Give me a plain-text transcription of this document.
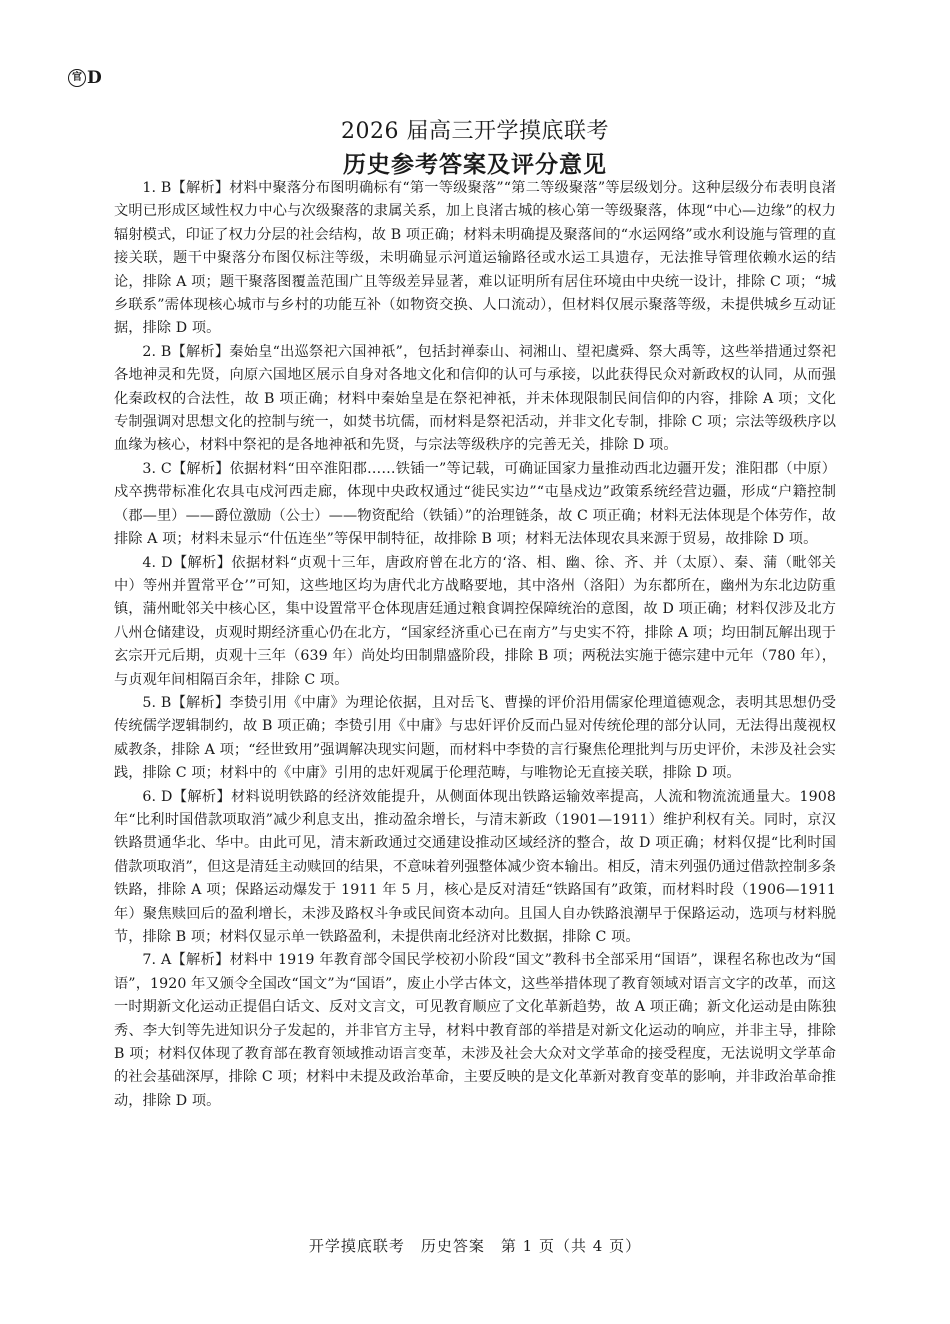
官 D
2026 届高三开学摸底联考
历史参考答案及评分意见

1. B【解析】材料中聚落分布图明确标有“第一等级聚落”“第二等级聚落”等层级划分。这种层级分布表明良渚文明已形成区域性权力中心与次级聚落的隶属关系，加上良渚古城的核心第一等级聚落，体现“中心—边缘”的权力辐射模式，印证了权力分层的社会结构，故 B 项正确；材料未明确提及聚落间的“水运网络”或水利设施与管理的直接关联，题干中聚落分布图仅标注等级，未明确显示河道运输路径或水运工具遗存，无法推导管理依赖水运的结论，排除 A 项；题干聚落图覆盖范围广且等级差异显著，难以证明所有居住环境由中央统一设计，排除 C 项；“城乡联系”需体现核心城市与乡村的功能互补（如物资交换、人口流动），但材料仅展示聚落等级，未提供城乡互动证据，排除 D 项。

2. B【解析】秦始皇“出巡祭祀六国神祇”，包括封禅泰山、祠湘山、望祀虞舜、祭大禹等，这些举措通过祭祀各地神灵和先贤，向原六国地区展示自身对各地文化和信仰的认可与承接，以此获得民众对新政权的认同，从而强化秦政权的合法性，故 B 项正确；材料中秦始皇是在祭祀神祇，并未体现限制民间信仰的内容，排除 A 项；文化专制强调对思想文化的控制与统一，如焚书坑儒，而材料是祭祀活动，并非文化专制，排除 C 项；宗法等级秩序以血缘为核心，材料中祭祀的是各地神祇和先贤，与宗法等级秩序的完善无关，排除 D 项。

3. C【解析】依据材料“田卒淮阳郡……铁锸一”等记载，可确证国家力量推动西北边疆开发；淮阳郡（中原）戍卒携带标准化农具屯戍河西走廊，体现中央政权通过“徙民实边”“屯垦戍边”政策系统经营边疆，形成“户籍控制（郡—里）——爵位激励（公士）——物资配给（铁锸）”的治理链条，故 C 项正确；材料无法体现是个体劳作，故排除 A 项；材料未显示“什伍连坐”等保甲制特征，故排除 B 项；材料无法体现农具来源于贸易，故排除 D 项。

4. D【解析】依据材料“贞观十三年，唐政府曾在北方的‘洛、相、幽、徐、齐、并（太原）、秦、蒲（毗邻关中）等州并置常平仓’”可知，这些地区均为唐代北方战略要地，其中洛州（洛阳）为东都所在，幽州为东北边防重镇，蒲州毗邻关中核心区，集中设置常平仓体现唐廷通过粮食调控保障统治的意图，故 D 项正确；材料仅涉及北方八州仓储建设，贞观时期经济重心仍在北方，“国家经济重心已在南方”与史实不符，排除 A 项；均田制瓦解出现于玄宗开元后期，贞观十三年（639 年）尚处均田制鼎盛阶段，排除 B 项；两税法实施于德宗建中元年（780 年），与贞观年间相隔百余年，排除 C 项。

5. B【解析】李贽引用《中庸》为理论依据，且对岳飞、曹操的评价沿用儒家伦理道德观念，表明其思想仍受传统儒学逻辑制约，故 B 项正确；李贽引用《中庸》与忠奸评价反而凸显对传统伦理的部分认同，无法得出蔑视权威教条，排除 A 项；“经世致用”强调解决现实问题，而材料中李贽的言行聚焦伦理批判与历史评价，未涉及社会实践，排除 C 项；材料中的《中庸》引用的忠奸观属于伦理范畴，与唯物论无直接关联，排除 D 项。

6. D【解析】材料说明铁路的经济效能提升，从侧面体现出铁路运输效率提高，人流和物流流通量大。1908 年“比利时国借款项取消”减少利息支出，推动盈余增长，与清末新政（1901—1911）维护利权有关。同时，京汉铁路贯通华北、华中。由此可见，清末新政通过交通建设推动区域经济的整合，故 D 项正确；材料仅提“比利时国借款项取消”，但这是清廷主动赎回的结果，不意味着列强整体减少资本输出。相反，清末列强仍通过借款控制多条铁路，排除 A 项；保路运动爆发于 1911 年 5 月，核心是反对清廷“铁路国有”政策，而材料时段（1906—1911 年）聚焦赎回后的盈利增长，未涉及路权斗争或民间资本动向。且国人自办铁路浪潮早于保路运动，选项与材料脱节，排除 B 项；材料仅显示单一铁路盈利，未提供南北经济对比数据，排除 C 项。

7. A【解析】材料中 1919 年教育部令国民学校初小阶段“国文”教科书全部采用“国语”，课程名称也改为“国语”，1920 年又颁令全国改“国文”为“国语”，废止小学古体文，这些举措体现了教育领域对语言文字的改革，而这一时期新文化运动正提倡白话文、反对文言文，可见教育顺应了文化革新趋势，故 A 项正确；新文化运动是由陈独秀、李大钊等先进知识分子发起的，并非官方主导，材料中教育部的举措是对新文化运动的响应，并非主导，排除 B 项；材料仅体现了教育部在教育领域推动语言变革，未涉及社会大众对文学革命的接受程度，无法说明文学革命的社会基础深厚，排除 C 项；材料中未提及政治革命，主要反映的是文化革新对教育变革的影响，并非政治革命推动，排除 D 项。

开学摸底联考　历史答案　第 1 页（共 4 页）
